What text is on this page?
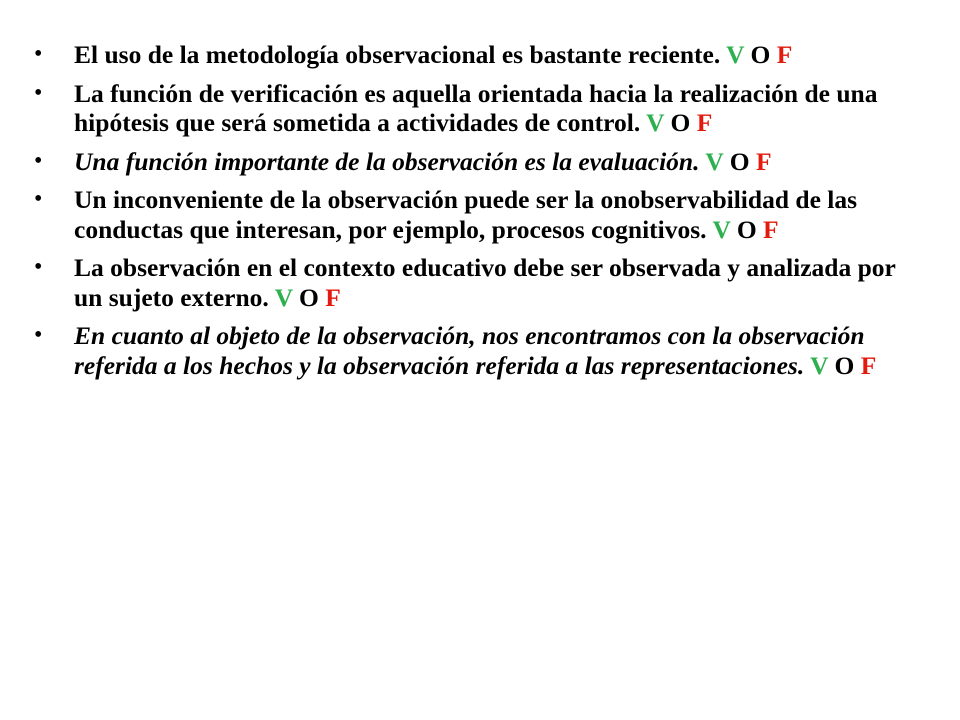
• El uso de la metodología observacional es bastante reciente. V O F
• La función de verificación es aquella orientada hacia la realización de una hipótesis que será sometida a actividades de control. V O F
• Una función importante de la observación es la evaluación. V O F
• Un inconveniente de la observación puede ser la onobservabilidad de las conductas que interesan, por ejemplo, procesos cognitivos. V O F
• La observación en el contexto educativo debe ser observada y analizada por un sujeto externo. V O F
• En cuanto al objeto de la observación, nos encontramos con la observación referida a los hechos y la observación referida a las representaciones. V O F
